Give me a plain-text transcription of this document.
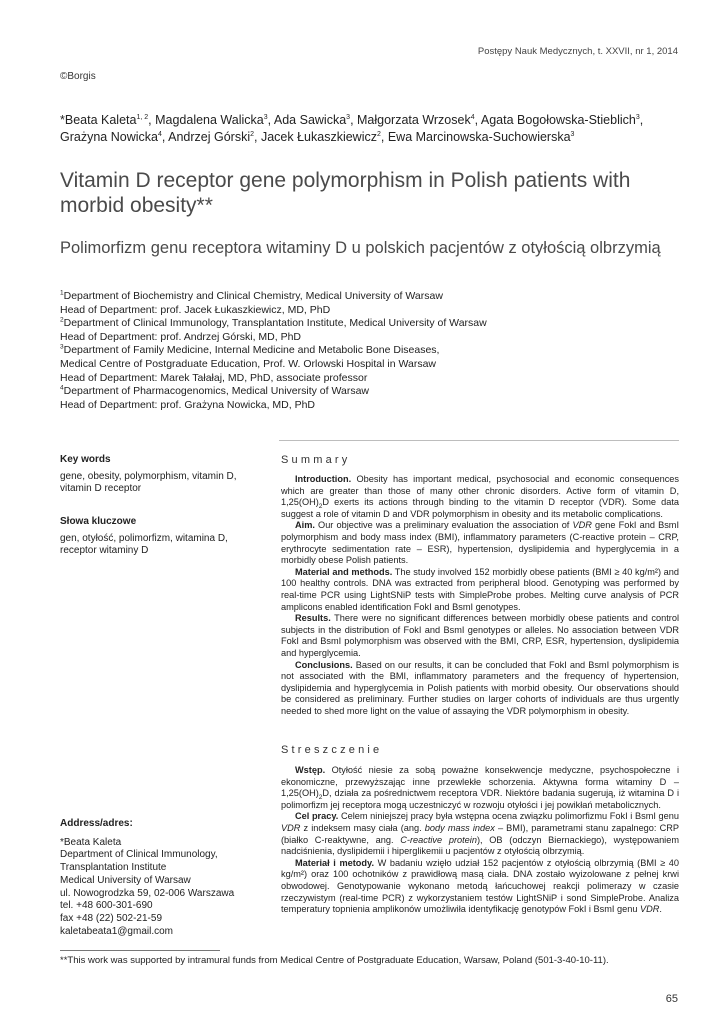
Postępy Nauk Medycznych, t. XXVII, nr 1, 2014
©Borgis
*Beata Kaleta$^{1, 2}$, Magdalena Walicka$^3$, Ada Sawicka$^3$, Małgorzata Wrzosek$^4$, Agata Bogołowska-Stieblich$^3$,
Grażyna Nowicka$^4$, Andrzej Górski$^2$, Jacek Łukaszkiewicz$^2$, Ewa Marcinowska-Suchowierska$^3$
Vitamin D receptor gene polymorphism in Polish patients with morbid obesity**
Polimorfizm genu receptora witaminy D u polskich pacjentów z otyłością olbrzymią
$^1$Department of Biochemistry and Clinical Chemistry, Medical University of Warsaw
Head of Department: prof. Jacek Łukaszkiewicz, MD, PhD
$^2$Department of Clinical Immunology, Transplantation Institute, Medical University of Warsaw
Head of Department: prof. Andrzej Górski, MD, PhD
$^3$Department of Family Medicine, Internal Medicine and Metabolic Bone Diseases,
Medical Centre of Postgraduate Education, Prof. W. Orlowski Hospital in Warsaw
Head of Department: Marek Tałałaj, MD, PhD, associate professor
$^4$Department of Pharmacogenomics, Medical University of Warsaw
Head of Department: prof. Grażyna Nowicka, MD, PhD
Key words
gene, obesity, polymorphism, vitamin D, vitamin D receptor
Słowa kluczowe
gen, otyłość, polimorfizm, witamina D, receptor witaminy D
Address/adres:
*Beata Kaleta
Department of Clinical Immunology,
Transplantation Institute
Medical University of Warsaw
ul. Nowogrodzka 59, 02-006 Warszawa
tel. +48 600-301-690
fax +48 (22) 502-21-59
kaletabeata1@gmail.com
Summary

Introduction. Obesity has important medical, psychosocial and economic consequences which are greater than those of many other chronic disorders. Active form of vitamin D, $1,25(OH)_2D$ exerts its actions through binding to the vitamin D receptor (VDR). Some data suggest a role of vitamin D and VDR polymorphism in obesity and its metabolic complications.

Aim. Our objective was a preliminary evaluation the association of VDR gene FokI and BsmI polymorphism and body mass index (BMI), inflammatory parameters (C-reactive protein – CRP, erythrocyte sedimentation rate – ESR), hypertension, dyslipidemia and hyperglycemia in a morbidly obese Polish patients.

Material and methods. The study involved 152 morbidly obese patients (BMI ≥ 40 kg/m²) and 100 healthy controls. DNA was extracted from peripheral blood. Genotyping was performed by real-time PCR using LightSNiP tests with SimpleProbe probes. Melting curve analysis of PCR amplicons enabled identification FokI and BsmI genotypes.

Results. There were no significant differences between morbidly obese patients and control subjects in the distribution of FokI and BsmI genotypes or alleles. No association between VDR FokI and BsmI polymorphism was observed with the BMI, CRP, ESR, hypertension, dyslipidemia and hyperglycemia.

Conclusions. Based on our results, it can be concluded that FokI and BsmI polymorphism is not associated with the BMI, inflammatory parameters and the frequency of hypertension, dyslipidemia and hyperglycemia in Polish patients with morbid obesity. Our observations should be considered as preliminary. Further studies on larger cohorts of individuals are thus urgently needed to shed more light on the value of assaying the VDR polymorphism in obesity.

Streszczenie

Wstęp. Otyłość niesie za sobą poważne konsekwencje medyczne, psychospołeczne i ekonomiczne, przewyższając inne przewlekłe schorzenia. Aktywna forma witaminy D – $1,25(OH)_2D$, działa za pośrednictwem receptora VDR. Niektóre badania sugerują, iż witamina D i polimorfizm jej receptora mogą uczestniczyć w rozwoju otyłości i jej powikłań metabolicznych.

Cel pracy. Celem niniejszej pracy była wstępna ocena związku polimorfizmu FokI i BsmI genu VDR z indeksem masy ciała (ang. body mass index – BMI), parametrami stanu zapalnego: CRP (białko C-reaktywne, ang. C-reactive protein), OB (odczyn Biernackiego), występowaniem nadciśnienia, dyslipidemii i hiperglikemii u pacjentów z otyłością olbrzymią.

Materiał i metody. W badaniu wzięło udział 152 pacjentów z otyłością olbrzymią (BMI ≥ 40 kg/m²) oraz 100 ochotników z prawidłową masą ciała. DNA zostało wyizolowane z pełnej krwi obwodowej. Genotypowanie wykonano metodą łańcuchowej reakcji polimerazy w czasie rzeczywistym (real-time PCR) z wykorzystaniem testów LightSNiP i sond SimpleProbe. Analiza temperatury topnienia amplikonów umożliwiła identyfikację genotypów FokI i BsmI genu VDR.

**This work was supported by intramural funds from Medical Centre of Postgraduate Education, Warsaw, Poland (501-3-40-10-11).
65
